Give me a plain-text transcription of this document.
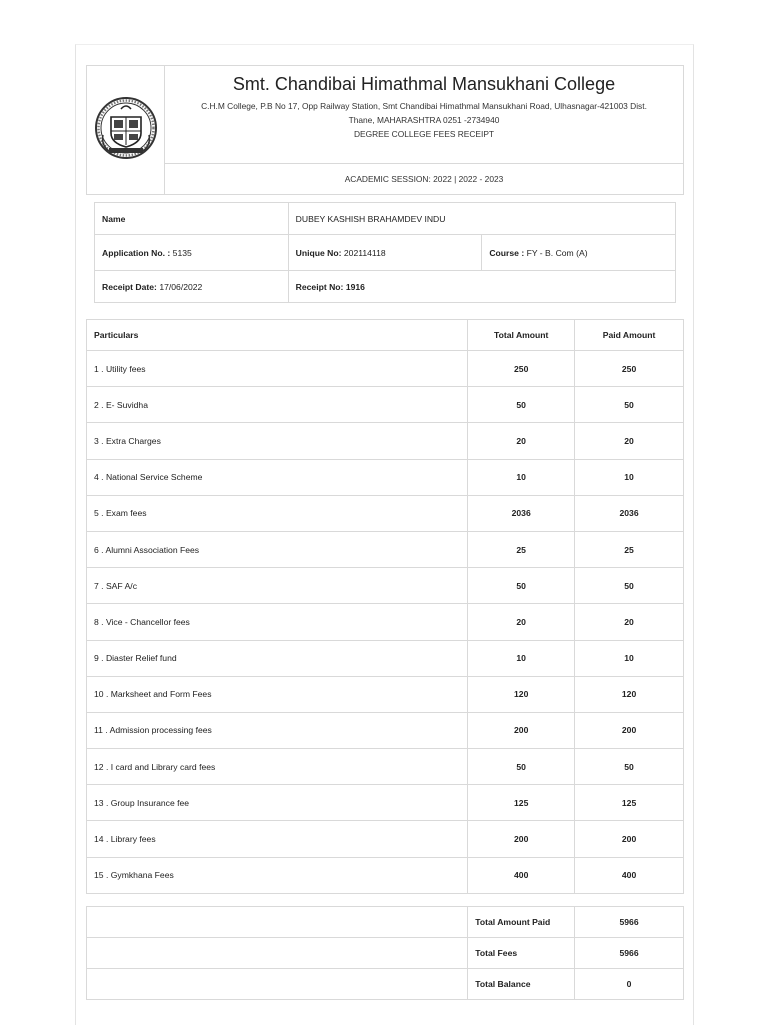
Smt. Chandibai Himathmal Mansukhani College
C.H.M College, P.B No 17, Opp Railway Station, Smt Chandibai Himathmal Mansukhani Road, Ulhasnagar-421003 Dist.
Thane, MAHARASHTRA 0251 -2734940
DEGREE COLLEGE FEES RECEIPT

ACADEMIC SESSION: 2022 | 2022 - 2023
Name	DUBEY KASHISH BRAHAMDEV INDU	
Application No. : 5135	Unique No: 202114118	Course : FY - B. Com (A)
Receipt Date: 17/06/2022	Receipt No: 1916	
Particulars	Total Amount	Paid Amount
1 . Utility fees	250	250
2 . E- Suvidha	50	50
3 . Extra Charges	20	20
4 . National Service Scheme	10	10
5 . Exam fees	2036	2036
6 . Alumni Association Fees	25	25
7 . SAF A/c	50	50
8 . Vice - Chancellor fees	20	20
9 . Diaster Relief fund	10	10
10 . Marksheet and Form Fees	120	120
11 . Admission processing fees	200	200
12 . I card and Library card fees	50	50
13 . Group Insurance fee	125	125
14 . Library fees	200	200
15 . Gymkhana Fees	400	400
	Total Amount Paid	5966
	Total Fees	5966
	Total Balance	0
